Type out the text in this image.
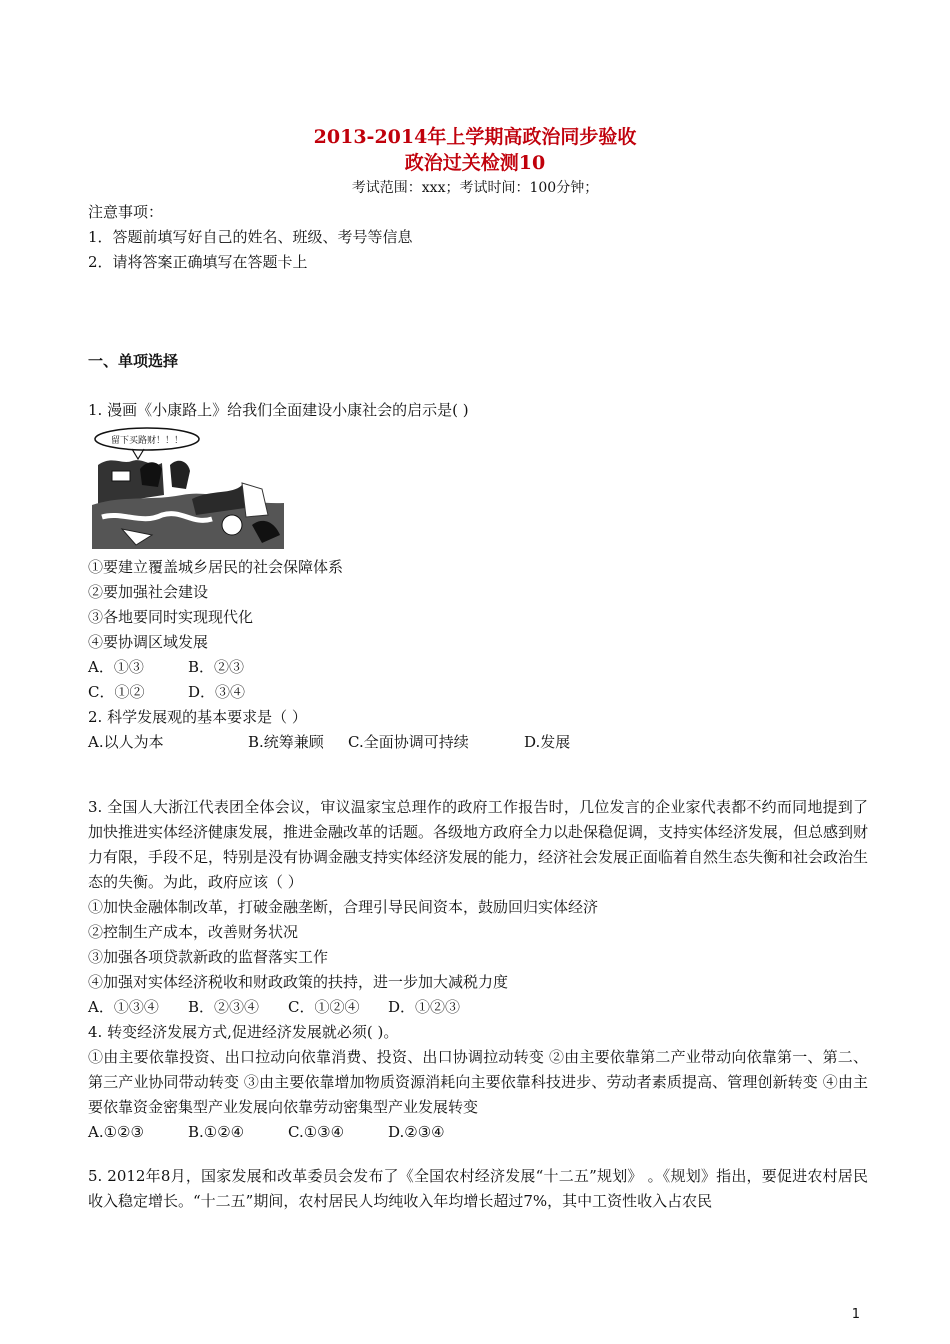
2013-2014年上学期高政治同步验收
政治过关检测10
考试范围：xxx；考试时间：100分钟；
注意事项：
1．答题前填写好自己的姓名、班级、考号等信息
2．请将答案正确填写在答题卡上
一、单项选择
1. 漫画《小康路上》给我们全面建设小康社会的启示是( )
留下买路财！！！
①要建立覆盖城乡居民的社会保障体系
②要加强社会建设
③各地要同时实现现代化
④要协调区域发展
A．①③	B．②③
C．①②	D．③④
2. 科学发展观的基本要求是（ ）
A.以人为本	B.统筹兼顾 C.全面协调可持续	D.发展
3. 全国人大浙江代表团全体会议，审议温家宝总理作的政府工作报告时，几位发言的企业家代表都不约而同地提到了加快推进实体经济健康发展，推进金融改革的话题。各级地方政府全力以赴保稳促调，支持实体经济发展，但总感到财力有限，手段不足，特别是没有协调金融支持实体经济发展的能力，经济社会发展正面临着自然生态失衡和社会政治生态的失衡。为此，政府应该（ ）
①加快金融体制改革，打破金融垄断，合理引导民间资本，鼓励回归实体经济
②控制生产成本，改善财务状况
③加强各项贷款新政的监督落实工作
④加强对实体经济税收和财政政策的扶持，进一步加大减税力度
A．①③④ B．②③④ C．①②④ D．①②③
4. 转变经济发展方式,促进经济发展就必须( )。
①由主要依靠投资、出口拉动向依靠消费、投资、出口协调拉动转变 ②由主要依靠第二产业带动向依靠第一、第二、第三产业协同带动转变 ③由主要依靠增加物质资源消耗向主要依靠科技进步、劳动者素质提高、管理创新转变 ④由主要依靠资金密集型产业发展向依靠劳动密集型产业发展转变
A.①②③	B.①②④	C.①③④	D.②③④
5. 2012年8月，国家发展和改革委员会发布了《全国农村经济发展“十二五”规划》 。《规划》指出，要促进农村居民收入稳定增长。“十二五”期间，农村居民人均纯收入年均增长超过7%，其中工资性收入占农民
1
